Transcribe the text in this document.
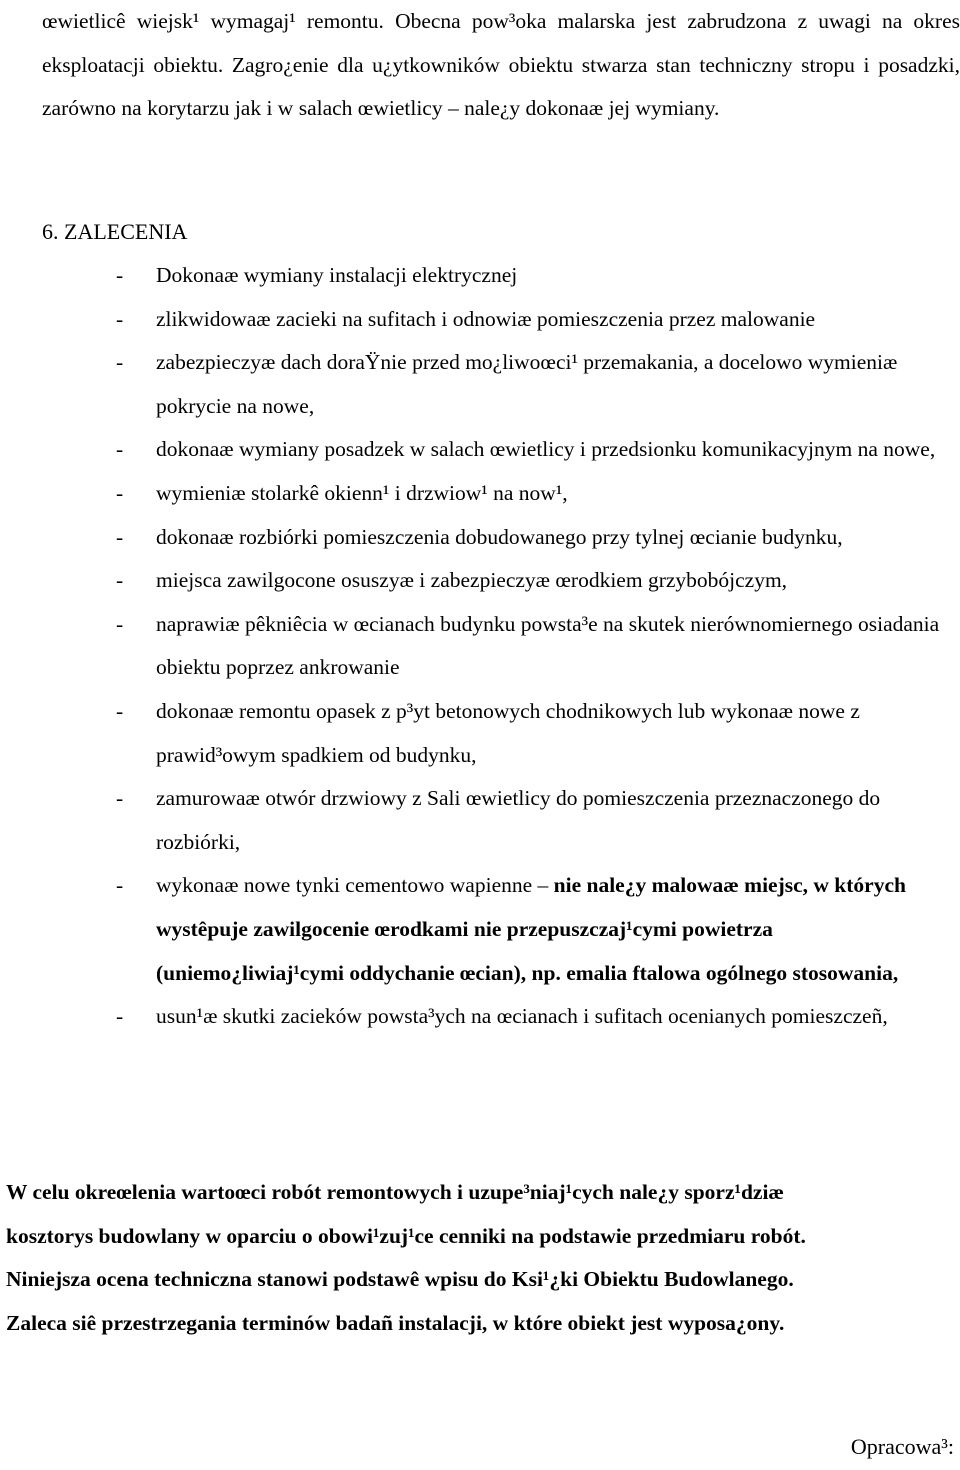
œwietlicê wiejsk¹ wymagaj¹ remontu. Obecna pow³oka malarska jest zabrudzona z uwagi na okres eksploatacji obiektu. Zagro¿enie dla u¿ytkowników obiektu stwarza stan techniczny stropu i posadzki, zarówno na korytarzu jak i w salach œwietlicy – nale¿y dokonaæ jej wymiany.

6. ZALECENIA
-	Dokonaæ wymiany instalacji elektrycznej
-	zlikwidowaæ zacieki na sufitach i odnowiæ pomieszczenia przez malowanie
-	zabezpieczyæ dach doraŸnie przed mo¿liwoœci¹ przemakania, a docelowo wymieniæ pokrycie na nowe,
-	dokonaæ wymiany posadzek w salach œwietlicy i przedsionku komunikacyjnym na nowe,
-	wymieniæ stolarkê okienn¹ i drzwiow¹ na now¹,
-	dokonaæ rozbiórki pomieszczenia dobudowanego przy tylnej œcianie budynku,
-	miejsca zawilgocone osuszyæ i zabezpieczyæ œrodkiem grzybobójczym,
-	naprawiæ pêkniêcia w œcianach budynku powsta³e na skutek nierównomiernego osiadania obiektu poprzez ankrowanie
-	dokonaæ remontu opasek z p³yt betonowych chodnikowych lub wykonaæ nowe z prawid³owym spadkiem od budynku,
-	zamurowaæ otwór drzwiowy z Sali œwietlicy do pomieszczenia przeznaczonego do rozbiórki,
-	wykonaæ nowe tynki cementowo wapienne – nie nale¿y malowaæ miejsc, w których wystêpuje zawilgocenie œrodkami nie przepuszczaj¹cymi powietrza (uniemo¿liwiaj¹cymi oddychanie œcian), np. emalia ftalowa ogólnego stosowania,
-	usun¹æ skutki zacieków powsta³ych na œcianach i sufitach ocenianych pomieszczeñ,

W celu okreœlenia wartoœci robót remontowych i uzupe³niaj¹cych nale¿y sporz¹dziæ
kosztorys budowlany w oparciu o obowi¹zuj¹ce cenniki na podstawie przedmiaru robót.
Niniejsza ocena techniczna stanowi podstawê wpisu do Ksi¹¿ki Obiektu Budowlanego.
Zaleca siê przestrzegania terminów badañ instalacji, w które obiekt jest wyposa¿ony.

Opracowa³:
